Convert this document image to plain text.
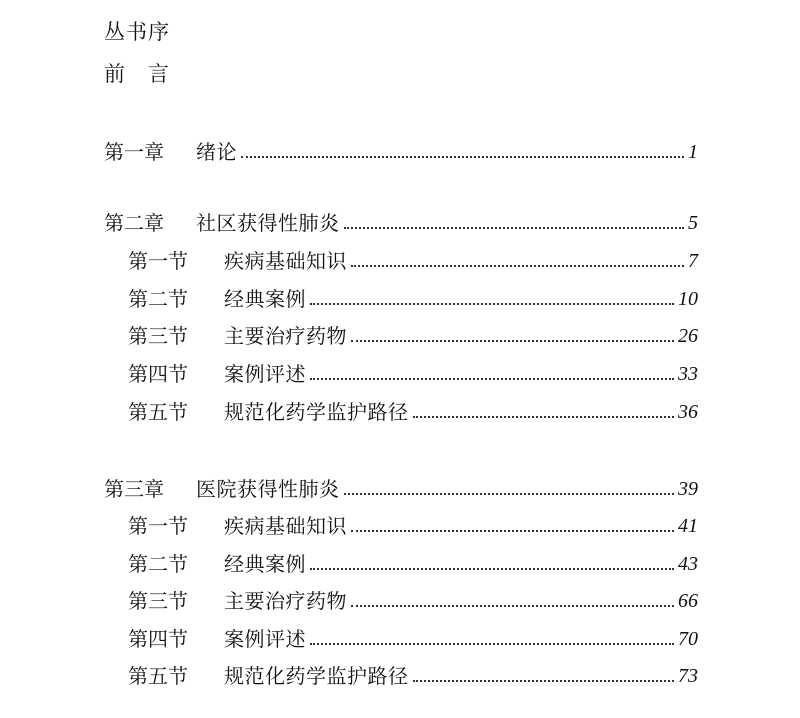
丛书序
前　言
第一章	绪论	1
第二章	社区获得性肺炎	5
第一节	疾病基础知识	7
第二节	经典案例	10
第三节	主要治疗药物	26
第四节	案例评述	33
第五节	规范化药学监护路径	36
第三章	医院获得性肺炎	39
第一节	疾病基础知识	41
第二节	经典案例	43
第三节	主要治疗药物	66
第四节	案例评述	70
第五节	规范化药学监护路径	73
